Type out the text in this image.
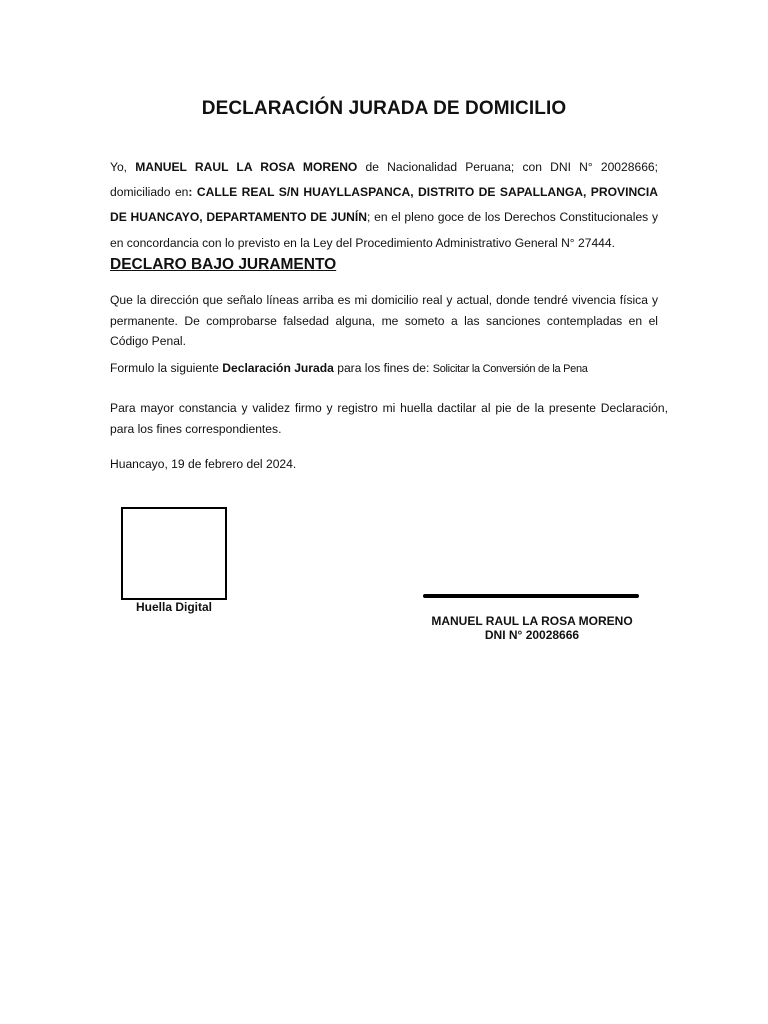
DECLARACIÓN JURADA DE DOMICILIO
Yo, MANUEL RAUL LA ROSA MORENO de Nacionalidad Peruana; con DNI N° 20028666; domiciliado en: CALLE REAL S/N HUAYLLASPANCA, DISTRITO DE SAPALLANGA, PROVINCIA DE HUANCAYO, DEPARTAMENTO DE JUNÍN; en el pleno goce de los Derechos Constitucionales y en concordancia con lo previsto en la Ley del Procedimiento Administrativo General N° 27444.
DECLARO BAJO JURAMENTO
Que la dirección que señalo líneas arriba es mi domicilio real y actual, donde tendré vivencia física y permanente. De comprobarse falsedad alguna, me someto a las sanciones contempladas en el Código Penal.
Formulo la siguiente Declaración Jurada para los fines de: Solicitar la Conversión de la Pena
Para mayor constancia y validez firmo y registro mi huella dactilar al pie de la presente Declaración, para los fines correspondientes.
Huancayo, 19 de febrero del 2024.
Huella Digital
MANUEL RAUL LA ROSA MORENO
DNI N° 20028666
